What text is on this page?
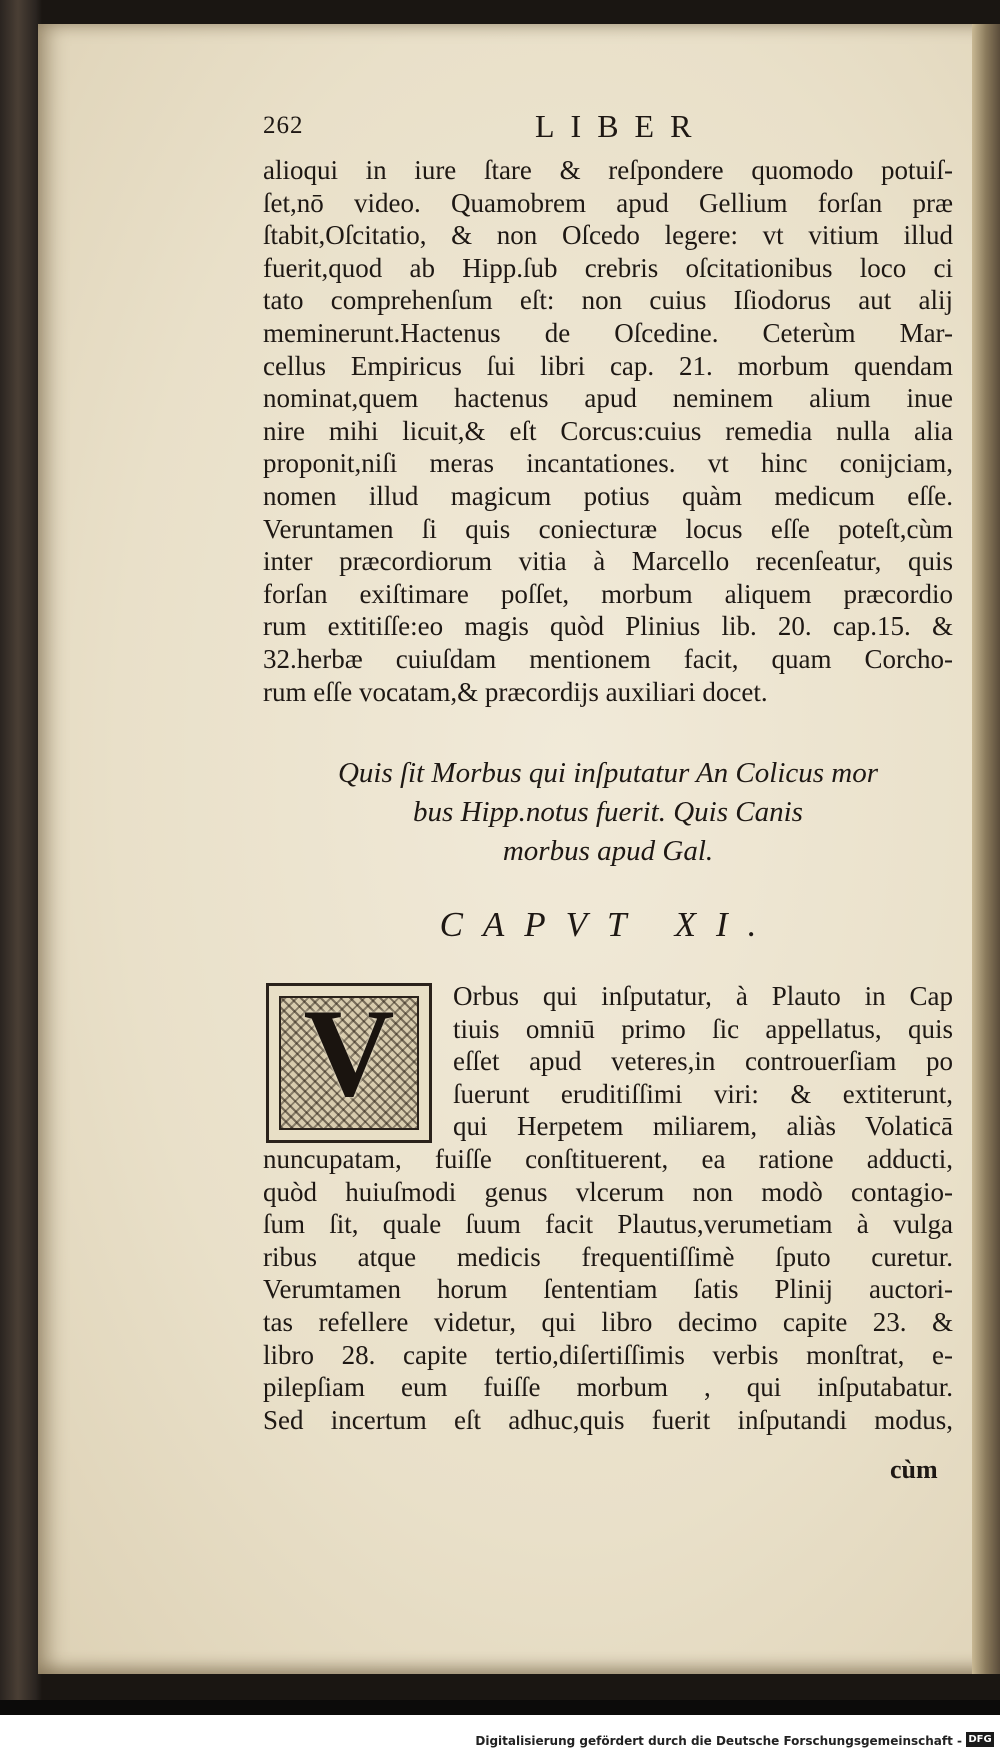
262	LIBER
alioqui in iure ſtare & reſpondere quomodo potuiſ-
ſet,nō video. Quamobrem apud Gellium forſan præ
ſtabit,Oſcitatio, & non Oſcedo legere: vt vitium illud
fuerit,quod ab Hipp.ſub crebris oſcitationibus loco ci
tato comprehenſum eſt: non cuius Iſiodorus aut alij
meminerunt.Hactenus de Oſcedine. Ceterùm Mar-
cellus Empiricus ſui libri cap. 21. morbum quendam
nominat,quem hactenus apud neminem alium inue
nire mihi licuit,& eſt Corcus:cuius remedia nulla alia
proponit,niſi meras incantationes. vt hinc conijciam,
nomen illud magicum potius quàm medicum eſſe.
Veruntamen ſi quis coniecturæ locus eſſe poteſt,cùm
inter præcordiorum vitia à Marcello recenſeatur, quis
forſan exiſtimare poſſet, morbum aliquem præcordio
rum extitiſſe:eo magis quòd Plinius lib. 20. cap.15. &
32.herbæ cuiuſdam mentionem facit, quam Corcho-
rum eſſe vocatam,& præcordijs auxiliari docet.
Quis ſit Morbus qui inſputatur An Colicus mor
bus Hipp.notus fuerit. Quis Canis
morbus apud Gal.
CAPVT XI.
V	Orbus qui inſputatur, à Plauto in Cap
tiuis omniū primo ſic appellatus, quis
eſſet apud veteres,in controuerſiam po
ſuerunt eruditiſſimi viri: & extiterunt,
qui Herpetem miliarem, aliàs Volaticā
nuncupatam, fuiſſe conſtituerent, ea ratione adducti,
quòd huiuſmodi genus vlcerum non modò contagio-
ſum ſit, quale ſuum facit Plautus,verumetiam à vulga
ribus atque medicis frequentiſſimè ſputo curetur.
Verumtamen horum ſententiam ſatis Plinij auctori-
tas refellere videtur, qui libro decimo capite 23. &
libro 28. capite tertio,diſertiſſimis verbis monſtrat, e-
pilepſiam eum fuiſſe morbum , qui inſputabatur.
Sed incertum eſt adhuc,quis fuerit inſputandi modus,
cùm
Digitalisierung gefördert durch die Deutsche Forschungsgemeinschaft - DFG
